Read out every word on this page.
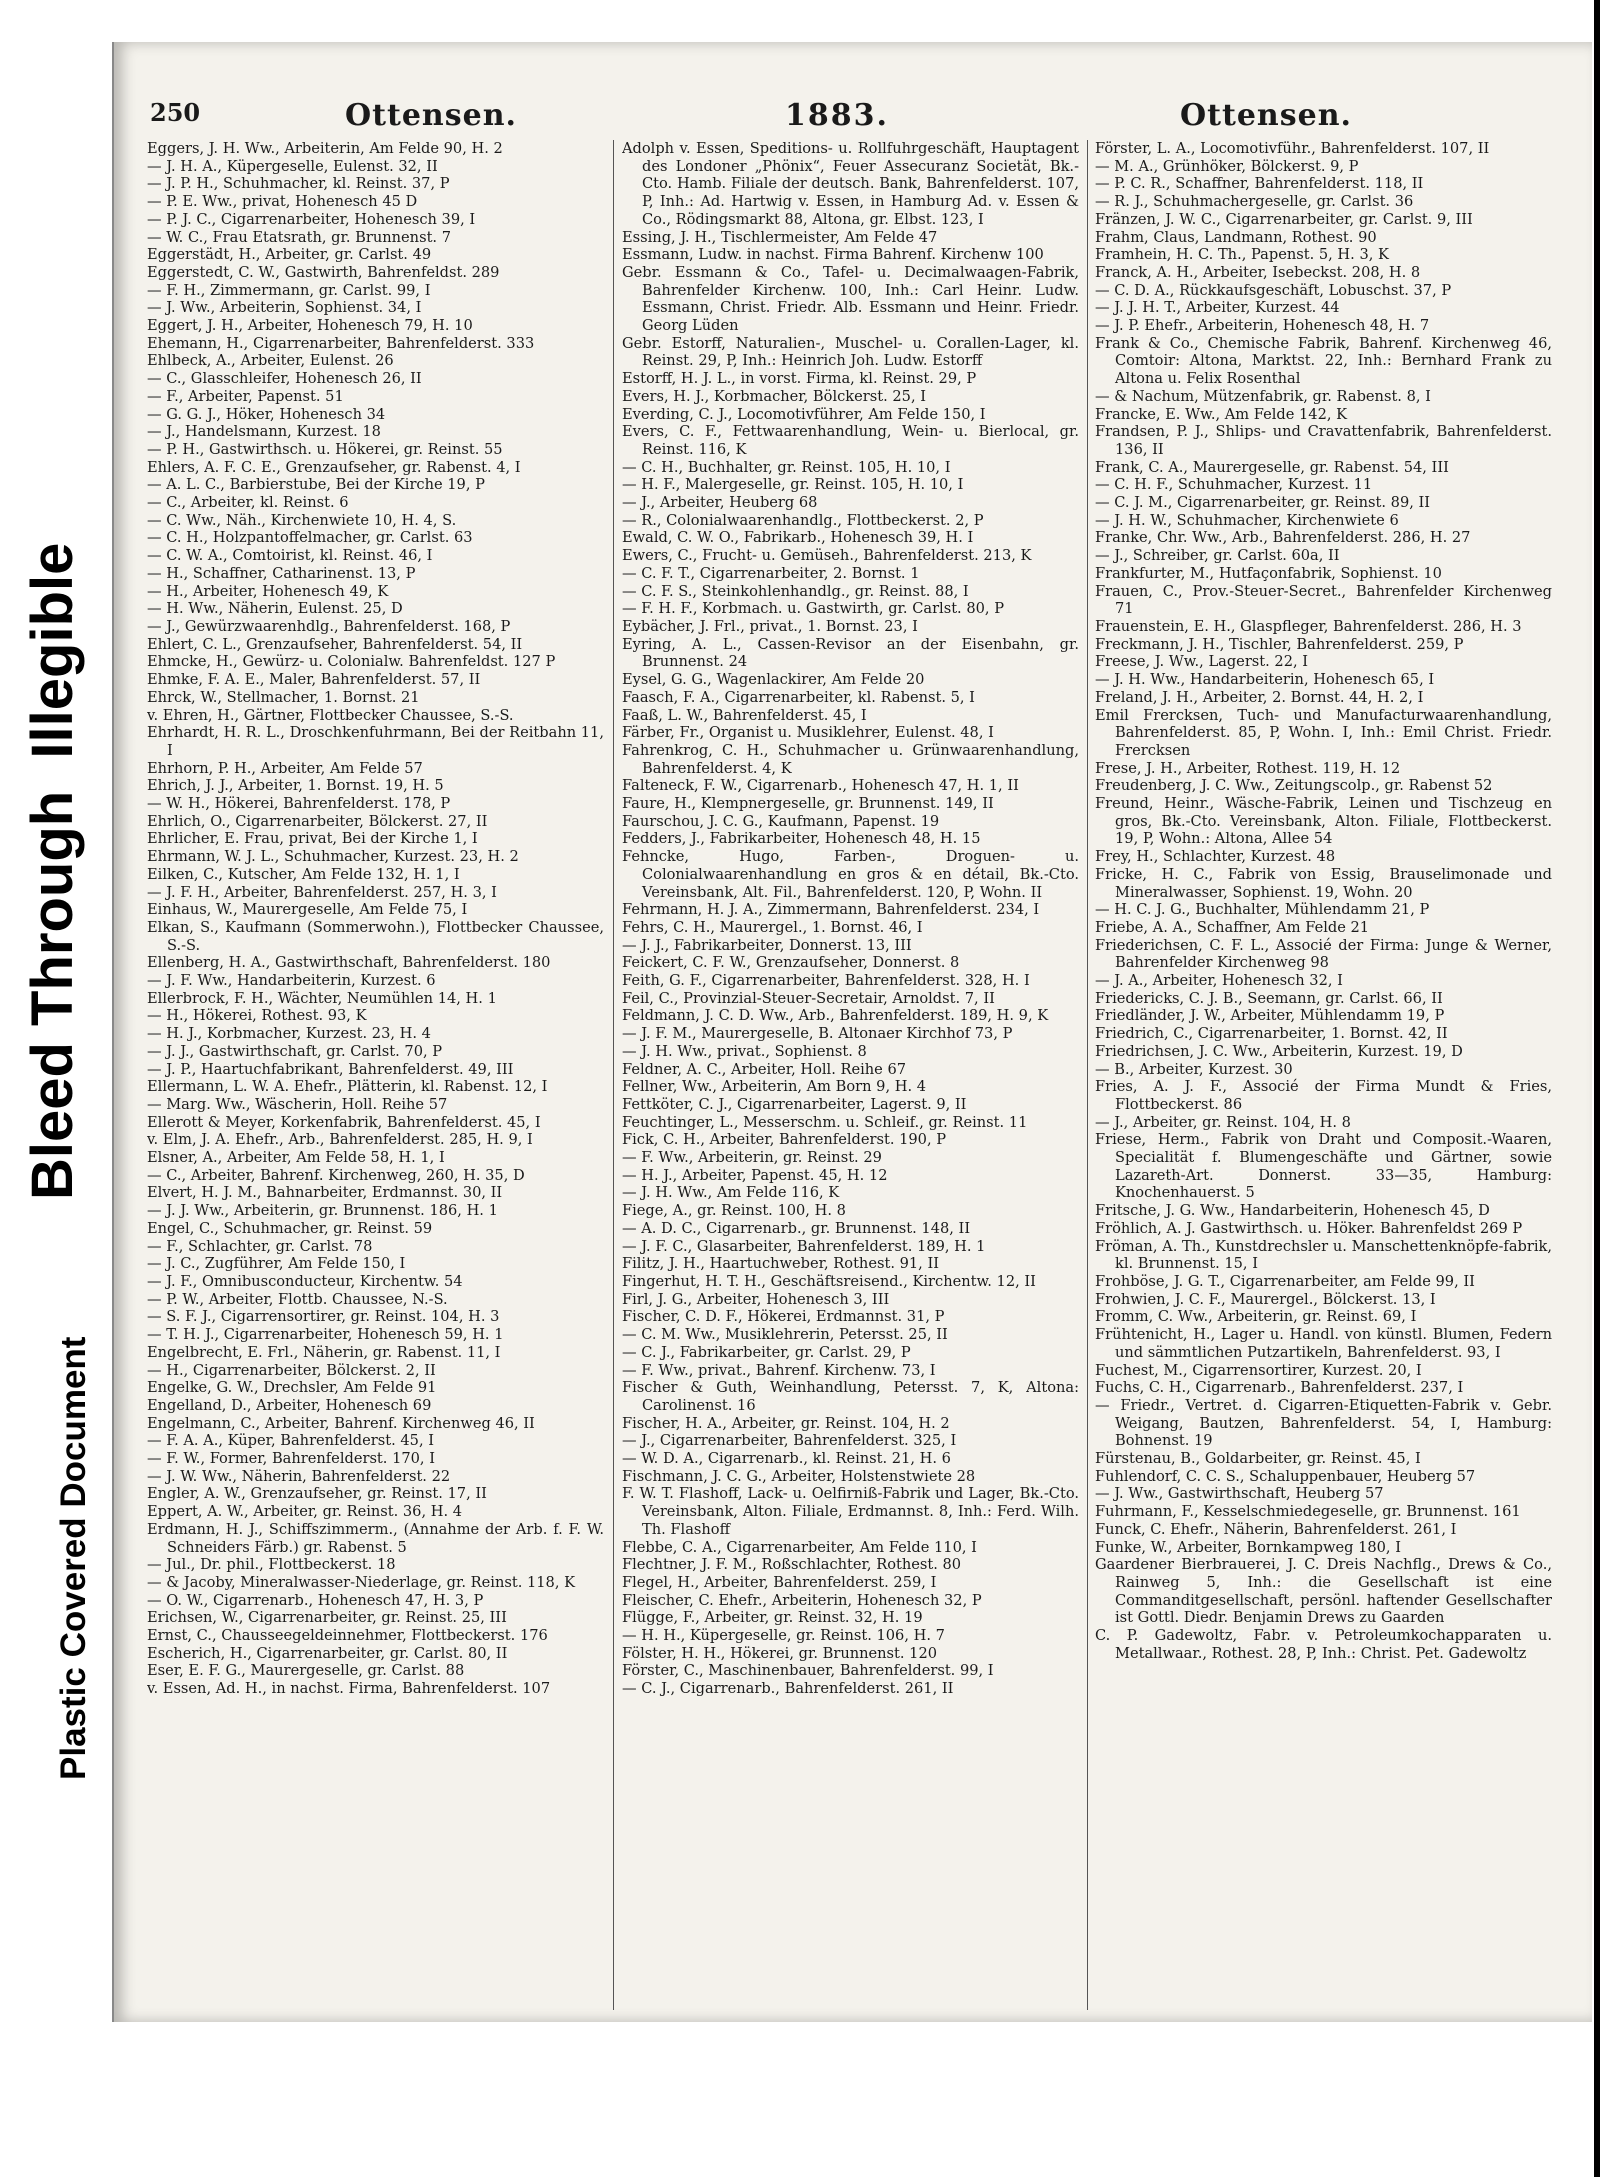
Plastic Covered Document
Bleed Through  Illegible
250	Ottensen.	1883.	Ottensen.
Eggers, J. H. Ww., Arbeiterin, Am Felde 90, H. 2
— J. H. A., Küpergeselle, Eulenst. 32, II
— J. P. H., Schuhmacher, kl. Reinst. 37, P
— P. E. Ww., privat, Hohenesch 45 D
— P. J. C., Cigarrenarbeiter, Hohenesch 39, I
— W. C., Frau Etatsrath, gr. Brunnenst. 7
Eggerstädt, H., Arbeiter, gr. Carlst. 49
Eggerstedt, C. W., Gastwirth, Bahrenfeldst. 289
— F. H., Zimmermann, gr. Carlst. 99, I
— J. Ww., Arbeiterin, Sophienst. 34, I
Eggert, J. H., Arbeiter, Hohenesch 79, H. 10
Ehemann, H., Cigarrenarbeiter, Bahrenfelderst. 333
Ehlbeck, A., Arbeiter, Eulenst. 26
— C., Glasschleifer, Hohenesch 26, II
— F., Arbeiter, Papenst. 51
— G. G. J., Höker, Hohenesch 34
— J., Handelsmann, Kurzest. 18
— P. H., Gastwirthsch. u. Hökerei, gr. Reinst. 55
Ehlers, A. F. C. E., Grenzaufseher, gr. Rabenst. 4, I
— A. L. C., Barbierstube, Bei der Kirche 19, P
— C., Arbeiter, kl. Reinst. 6
— C. Ww., Näh., Kirchenwiete 10, H. 4, S.
— C. H., Holzpantoffelmacher, gr. Carlst. 63
— C. W. A., Comtoirist, kl. Reinst. 46, I
— H., Schaffner, Catharinenst. 13, P
— H., Arbeiter, Hohenesch 49, K
— H. Ww., Näherin, Eulenst. 25, D
— J., Gewürzwaarenhdlg., Bahrenfelderst. 168, P
Ehlert, C. L., Grenzaufseher, Bahrenfelderst. 54, II
Ehmcke, H., Gewürz- u. Colonialw. Bahrenfeldst. 127 P
Ehmke, F. A. E., Maler, Bahrenfelderst. 57, II
Ehrck, W., Stellmacher, 1. Bornst. 21
v. Ehren, H., Gärtner, Flottbecker Chaussee, S.-S.
Ehrhardt, H. R. L., Droschkenfuhrmann, Bei der Reitbahn 11, I
Ehrhorn, P. H., Arbeiter, Am Felde 57
Ehrich, J. J., Arbeiter, 1. Bornst. 19, H. 5
— W. H., Hökerei, Bahrenfelderst. 178, P
Ehrlich, O., Cigarrenarbeiter, Bölckerst. 27, II
Ehrlicher, E. Frau, privat, Bei der Kirche 1, I
Ehrmann, W. J. L., Schuhmacher, Kurzest. 23, H. 2
Eilken, C., Kutscher, Am Felde 132, H. 1, I
— J. F. H., Arbeiter, Bahrenfelderst. 257, H. 3, I
Einhaus, W., Maurergeselle, Am Felde 75, I
Elkan, S., Kaufmann (Sommerwohn.), Flottbecker Chaussee, S.-S.
Ellenberg, H. A., Gastwirthschaft, Bahrenfelderst. 180
— J. F. Ww., Handarbeiterin, Kurzest. 6
Ellerbrock, F. H., Wächter, Neumühlen 14, H. 1
— H., Hökerei, Rothest. 93, K
— H. J., Korbmacher, Kurzest. 23, H. 4
— J. J., Gastwirthschaft, gr. Carlst. 70, P
— J. P., Haartuchfabrikant, Bahrenfelderst. 49, III
Ellermann, L. W. A. Ehefr., Plätterin, kl. Rabenst. 12, I
— Marg. Ww., Wäscherin, Holl. Reihe 57
Ellerott & Meyer, Korkenfabrik, Bahrenfelderst. 45, I
v. Elm, J. A. Ehefr., Arb., Bahrenfelderst. 285, H. 9, I
Elsner, A., Arbeiter, Am Felde 58, H. 1, I
— C., Arbeiter, Bahrenf. Kirchenweg, 260, H. 35, D
Elvert, H. J. M., Bahnarbeiter, Erdmannst. 30, II
— J. J. Ww., Arbeiterin, gr. Brunnenst. 186, H. 1
Engel, C., Schuhmacher, gr. Reinst. 59
— F., Schlachter, gr. Carlst. 78
— J. C., Zugführer, Am Felde 150, I
— J. F., Omnibusconducteur, Kirchentw. 54
— P. W., Arbeiter, Flottb. Chaussee, N.-S.
— S. F. J., Cigarrensortirer, gr. Reinst. 104, H. 3
— T. H. J., Cigarrenarbeiter, Hohenesch 59, H. 1
Engelbrecht, E. Frl., Näherin, gr. Rabenst. 11, I
— H., Cigarrenarbeiter, Bölckerst. 2, II
Engelke, G. W., Drechsler, Am Felde 91
Engelland, D., Arbeiter, Hohenesch 69
Engelmann, C., Arbeiter, Bahrenf. Kirchenweg 46, II
— F. A. A., Küper, Bahrenfelderst. 45, I
— F. W., Former, Bahrenfelderst. 170, I
— J. W. Ww., Näherin, Bahrenfelderst. 22
Engler, A. W., Grenzaufseher, gr. Reinst. 17, II
Eppert, A. W., Arbeiter, gr. Reinst. 36, H. 4
Erdmann, H. J., Schiffszimmerm., (Annahme der Arb. f. F. W. Schneiders Färb.) gr. Rabenst. 5
— Jul., Dr. phil., Flottbeckerst. 18
— & Jacoby, Mineralwasser-Niederlage, gr. Reinst. 118, K
— O. W., Cigarrenarb., Hohenesch 47, H. 3, P
Erichsen, W., Cigarrenarbeiter, gr. Reinst. 25, III
Ernst, C., Chausseegeldeinnehmer, Flottbeckerst. 176
Escherich, H., Cigarrenarbeiter, gr. Carlst. 80, II
Eser, E. F. G., Maurergeselle, gr. Carlst. 88
v. Essen, Ad. H., in nachst. Firma, Bahrenfelderst. 107
Adolph v. Essen, Speditions- u. Rollfuhrgeschäft, Hauptagent des Londoner „Phönix“, Feuer Assecuranz Societät, Bk.-Cto. Hamb. Filiale der deutsch. Bank, Bahrenfelderst. 107, P, Inh.: Ad. Hartwig v. Essen, in Hamburg Ad. v. Essen & Co., Rödingsmarkt 88, Altona, gr. Elbst. 123, I
Essing, J. H., Tischlermeister, Am Felde 47
Essmann, Ludw. in nachst. Firma Bahrenf. Kirchenw 100
Gebr. Essmann & Co., Tafel- u. Decimalwaagen-Fabrik, Bahrenfelder Kirchenw. 100, Inh.: Carl Heinr. Ludw. Essmann, Christ. Friedr. Alb. Essmann und Heinr. Friedr. Georg Lüden
Gebr. Estorff, Naturalien-, Muschel- u. Corallen-Lager, kl. Reinst. 29, P, Inh.: Heinrich Joh. Ludw. Estorff
Estorff, H. J. L., in vorst. Firma, kl. Reinst. 29, P
Evers, H. J., Korbmacher, Bölckerst. 25, I
Everding, C. J., Locomotivführer, Am Felde 150, I
Evers, C. F., Fettwaarenhandlung, Wein- u. Bierlocal, gr. Reinst. 116, K
— C. H., Buchhalter, gr. Reinst. 105, H. 10, I
— H. F., Malergeselle, gr. Reinst. 105, H. 10, I
— J., Arbeiter, Heuberg 68
— R., Colonialwaarenhandlg., Flottbeckerst. 2, P
Ewald, C. W. O., Fabrikarb., Hohenesch 39, H. I
Ewers, C., Frucht- u. Gemüseh., Bahrenfelderst. 213, K
— C. F. T., Cigarrenarbeiter, 2. Bornst. 1
— C. F. S., Steinkohlenhandlg., gr. Reinst. 88, I
— F. H. F., Korbmach. u. Gastwirth, gr. Carlst. 80, P
Eybächer, J. Frl., privat., 1. Bornst. 23, I
Eyring, A. L., Cassen-Revisor an der Eisenbahn, gr. Brunnenst. 24
Eysel, G. G., Wagenlackirer, Am Felde 20
Faasch, F. A., Cigarrenarbeiter, kl. Rabenst. 5, I
Faaß, L. W., Bahrenfelderst. 45, I
Färber, Fr., Organist u. Musiklehrer, Eulenst. 48, I
Fahrenkrog, C. H., Schuhmacher u. Grünwaarenhandlung, Bahrenfelderst. 4, K
Falteneck, F. W., Cigarrenarb., Hohenesch 47, H. 1, II
Faure, H., Klempnergeselle, gr. Brunnenst. 149, II
Faurschou, J. C. G., Kaufmann, Papenst. 19
Fedders, J., Fabrikarbeiter, Hohenesch 48, H. 15
Fehncke, Hugo, Farben-, Droguen- u. Colonialwaarenhandlung en gros & en détail, Bk.-Cto. Vereinsbank, Alt. Fil., Bahrenfelderst. 120, P, Wohn. II
Fehrmann, H. J. A., Zimmermann, Bahrenfelderst. 234, I
Fehrs, C. H., Maurergel., 1. Bornst. 46, I
— J. J., Fabrikarbeiter, Donnerst. 13, III
Feickert, C. F. W., Grenzaufseher, Donnerst. 8
Feith, G. F., Cigarrenarbeiter, Bahrenfelderst. 328, H. I
Feil, C., Provinzial-Steuer-Secretair, Arnoldst. 7, II
Feldmann, J. C. D. Ww., Arb., Bahrenfelderst. 189, H. 9, K
— J. F. M., Maurergeselle, B. Altonaer Kirchhof 73, P
— J. H. Ww., privat., Sophienst. 8
Feldner, A. C., Arbeiter, Holl. Reihe 67
Fellner, Ww., Arbeiterin, Am Born 9, H. 4
Fettköter, C. J., Cigarrenarbeiter, Lagerst. 9, II
Feuchtinger, L., Messerschm. u. Schleif., gr. Reinst. 11
Fick, C. H., Arbeiter, Bahrenfelderst. 190, P
— F. Ww., Arbeiterin, gr. Reinst. 29
— H. J., Arbeiter, Papenst. 45, H. 12
— J. H. Ww., Am Felde 116, K
Fiege, A., gr. Reinst. 100, H. 8
— A. D. C., Cigarrenarb., gr. Brunnenst. 148, II
— J. F. C., Glasarbeiter, Bahrenfelderst. 189, H. 1
Filitz, J. H., Haartuchweber, Rothest. 91, II
Fingerhut, H. T. H., Geschäftsreisend., Kirchentw. 12, II
Firl, J. G., Arbeiter, Hohenesch 3, III
Fischer, C. D. F., Hökerei, Erdmannst. 31, P
— C. M. Ww., Musiklehrerin, Petersst. 25, II
— C. J., Fabrikarbeiter, gr. Carlst. 29, P
— F. Ww., privat., Bahrenf. Kirchenw. 73, I
Fischer & Guth, Weinhandlung, Petersst. 7, K, Altona: Carolinenst. 16
Fischer, H. A., Arbeiter, gr. Reinst. 104, H. 2
— J., Cigarrenarbeiter, Bahrenfelderst. 325, I
— W. D. A., Cigarrenarb., kl. Reinst. 21, H. 6
Fischmann, J. C. G., Arbeiter, Holstenstwiete 28
F. W. T. Flashoff, Lack- u. Oelfirniß-Fabrik und Lager, Bk.-Cto. Vereinsbank, Alton. Filiale, Erdmannst. 8, Inh.: Ferd. Wilh. Th. Flashoff
Flebbe, C. A., Cigarrenarbeiter, Am Felde 110, I
Flechtner, J. F. M., Roßschlachter, Rothest. 80
Flegel, H., Arbeiter, Bahrenfelderst. 259, I
Fleischer, C. Ehefr., Arbeiterin, Hohenesch 32, P
Flügge, F., Arbeiter, gr. Reinst. 32, H. 19
— H. H., Küpergeselle, gr. Reinst. 106, H. 7
Fölster, H. H., Hökerei, gr. Brunnenst. 120
Förster, C., Maschinenbauer, Bahrenfelderst. 99, I
— C. J., Cigarrenarb., Bahrenfelderst. 261, II
Förster, L. A., Locomotivführ., Bahrenfelderst. 107, II
— M. A., Grünhöker, Bölckerst. 9, P
— P. C. R., Schaffner, Bahrenfelderst. 118, II
— R. J., Schuhmachergeselle, gr. Carlst. 36
Fränzen, J. W. C., Cigarrenarbeiter, gr. Carlst. 9, III
Frahm, Claus, Landmann, Rothest. 90
Framhein, H. C. Th., Papenst. 5, H. 3, K
Franck, A. H., Arbeiter, Isebeckst. 208, H. 8
— C. D. A., Rückkaufsgeschäft, Lobuschst. 37, P
— J. J. H. T., Arbeiter, Kurzest. 44
— J. P. Ehefr., Arbeiterin, Hohenesch 48, H. 7
Frank & Co., Chemische Fabrik, Bahrenf. Kirchenweg 46, Comtoir: Altona, Marktst. 22, Inh.: Bernhard Frank zu Altona u. Felix Rosenthal
— & Nachum, Mützenfabrik, gr. Rabenst. 8, I
Francke, E. Ww., Am Felde 142, K
Frandsen, P. J., Shlips- und Cravattenfabrik, Bahrenfelderst. 136, II
Frank, C. A., Maurergeselle, gr. Rabenst. 54, III
— C. H. F., Schuhmacher, Kurzest. 11
— C. J. M., Cigarrenarbeiter, gr. Reinst. 89, II
— J. H. W., Schuhmacher, Kirchenwiete 6
Franke, Chr. Ww., Arb., Bahrenfelderst. 286, H. 27
— J., Schreiber, gr. Carlst. 60a, II
Frankfurter, M., Hutfaçonfabrik, Sophienst. 10
Frauen, C., Prov.-Steuer-Secret., Bahrenfelder Kirchenweg 71
Frauenstein, E. H., Glaspfleger, Bahrenfelderst. 286, H. 3
Freckmann, J. H., Tischler, Bahrenfelderst. 259, P
Freese, J. Ww., Lagerst. 22, I
— J. H. Ww., Handarbeiterin, Hohenesch 65, I
Freland, J. H., Arbeiter, 2. Bornst. 44, H. 2, I
Emil Frercksen, Tuch- und Manufacturwaarenhandlung, Bahrenfelderst. 85, P, Wohn. I, Inh.: Emil Christ. Friedr. Frercksen
Frese, J. H., Arbeiter, Rothest. 119, H. 12
Freudenberg, J. C. Ww., Zeitungscolp., gr. Rabenst 52
Freund, Heinr., Wäsche-Fabrik, Leinen und Tischzeug en gros, Bk.-Cto. Vereinsbank, Alton. Filiale, Flottbeckerst. 19, P, Wohn.: Altona, Allee 54
Frey, H., Schlachter, Kurzest. 48
Fricke, H. C., Fabrik von Essig, Brauselimonade und Mineralwasser, Sophienst. 19, Wohn. 20
— H. C. J. G., Buchhalter, Mühlendamm 21, P
Friebe, A. A., Schaffner, Am Felde 21
Friederichsen, C. F. L., Associé der Firma: Junge & Werner, Bahrenfelder Kirchenweg 98
— J. A., Arbeiter, Hohenesch 32, I
Friedericks, C. J. B., Seemann, gr. Carlst. 66, II
Friedländer, J. W., Arbeiter, Mühlendamm 19, P
Friedrich, C., Cigarrenarbeiter, 1. Bornst. 42, II
Friedrichsen, J. C. Ww., Arbeiterin, Kurzest. 19, D
— B., Arbeiter, Kurzest. 30
Fries, A. J. F., Associé der Firma Mundt & Fries, Flottbeckerst. 86
— J., Arbeiter, gr. Reinst. 104, H. 8
Friese, Herm., Fabrik von Draht und Composit.-Waaren, Specialität f. Blumengeschäfte und Gärtner, sowie Lazareth-Art. Donnerst. 33—35, Hamburg: Knochenhauerst. 5
Fritsche, J. G. Ww., Handarbeiterin, Hohenesch 45, D
Fröhlich, A. J. Gastwirthsch. u. Höker. Bahrenfeldst 269 P
Fröman, A. Th., Kunstdrechsler u. Manschettenknöpfe-fabrik, kl. Brunnenst. 15, I
Frohböse, J. G. T., Cigarrenarbeiter, am Felde 99, II
Frohwien, J. C. F., Maurergel., Bölckerst. 13, I
Fromm, C. Ww., Arbeiterin, gr. Reinst. 69, I
Frühtenicht, H., Lager u. Handl. von künstl. Blumen, Federn und sämmtlichen Putzartikeln, Bahrenfelderst. 93, I
Fuchest, M., Cigarrensortirer, Kurzest. 20, I
Fuchs, C. H., Cigarrenarb., Bahrenfelderst. 237, I
— Friedr., Vertret. d. Cigarren-Etiquetten-Fabrik v. Gebr. Weigang, Bautzen, Bahrenfelderst. 54, I, Hamburg: Bohnenst. 19
Fürstenau, B., Goldarbeiter, gr. Reinst. 45, I
Fuhlendorf, C. C. S., Schaluppenbauer, Heuberg 57
— J. Ww., Gastwirthschaft, Heuberg 57
Fuhrmann, F., Kesselschmiedegeselle, gr. Brunnenst. 161
Funck, C. Ehefr., Näherin, Bahrenfelderst. 261, I
Funke, W., Arbeiter, Bornkampweg 180, I
Gaardener Bierbrauerei, J. C. Dreis Nachflg., Drews & Co., Rainweg 5, Inh.: die Gesellschaft ist eine Commanditgesellschaft, persönl. haftender Gesellschafter ist Gottl. Diedr. Benjamin Drews zu Gaarden
C. P. Gadewoltz, Fabr. v. Petroleumkochapparaten u. Metallwaar., Rothest. 28, P, Inh.: Christ. Pet. Gadewoltz
